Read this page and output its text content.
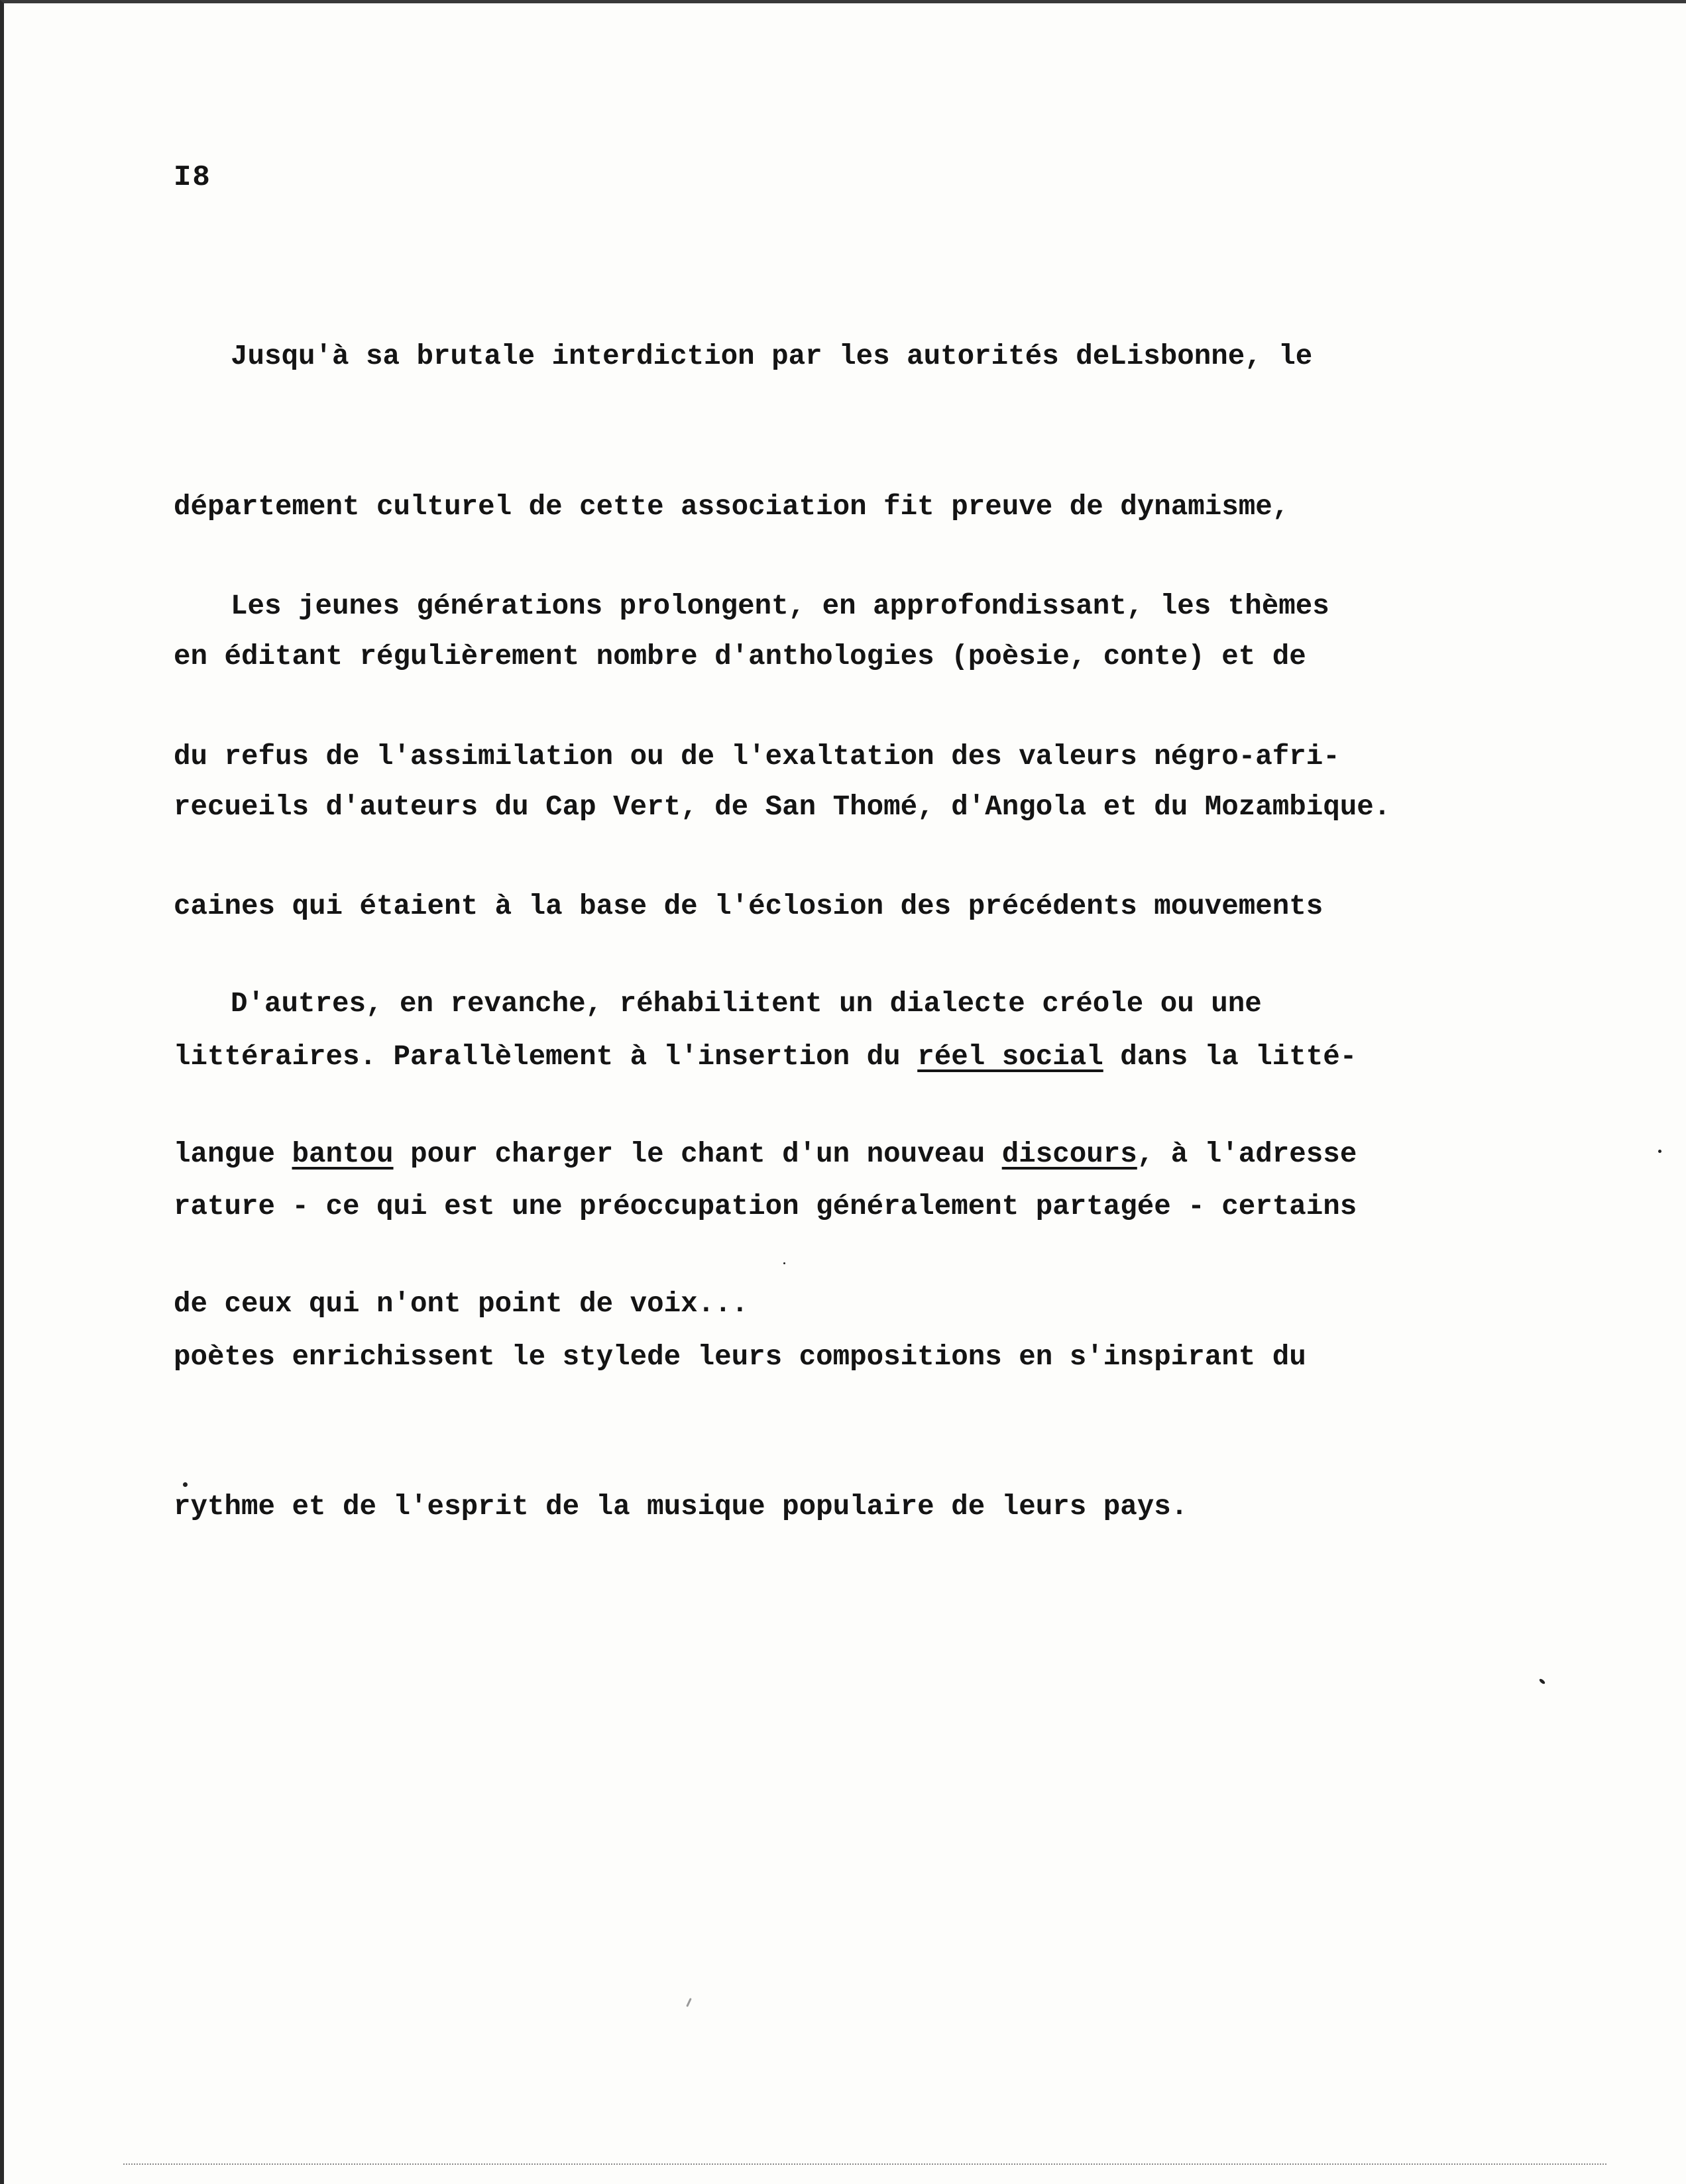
I8

Jusqu'à sa brutale interdiction par les autorités deLisbonne, le

département culturel de cette association fit preuve de dynamisme,

en éditant régulièrement nombre d'anthologies (poèsie, conte) et de

recueils d'auteurs du Cap Vert, de San Thomé, d'Angola et du Mozambique.

Les jeunes générations prolongent, en approfondissant, les thèmes

du refus de l'assimilation ou de l'exaltation des valeurs négro-afri-

caines qui étaient à la base de l'éclosion des précédents mouvements

littéraires. Parallèlement à l'insertion du réel social dans la litté-

rature - ce qui est une préoccupation généralement partagée - certains

poètes enrichissent le stylede leurs compositions en s'inspirant du

rythme et de l'esprit de la musique populaire de leurs pays.

D'autres, en revanche, réhabilitent un dialecte créole ou une

langue bantou pour charger le chant d'un nouveau discours, à l'adresse

de ceux qui n'ont point de voix...
